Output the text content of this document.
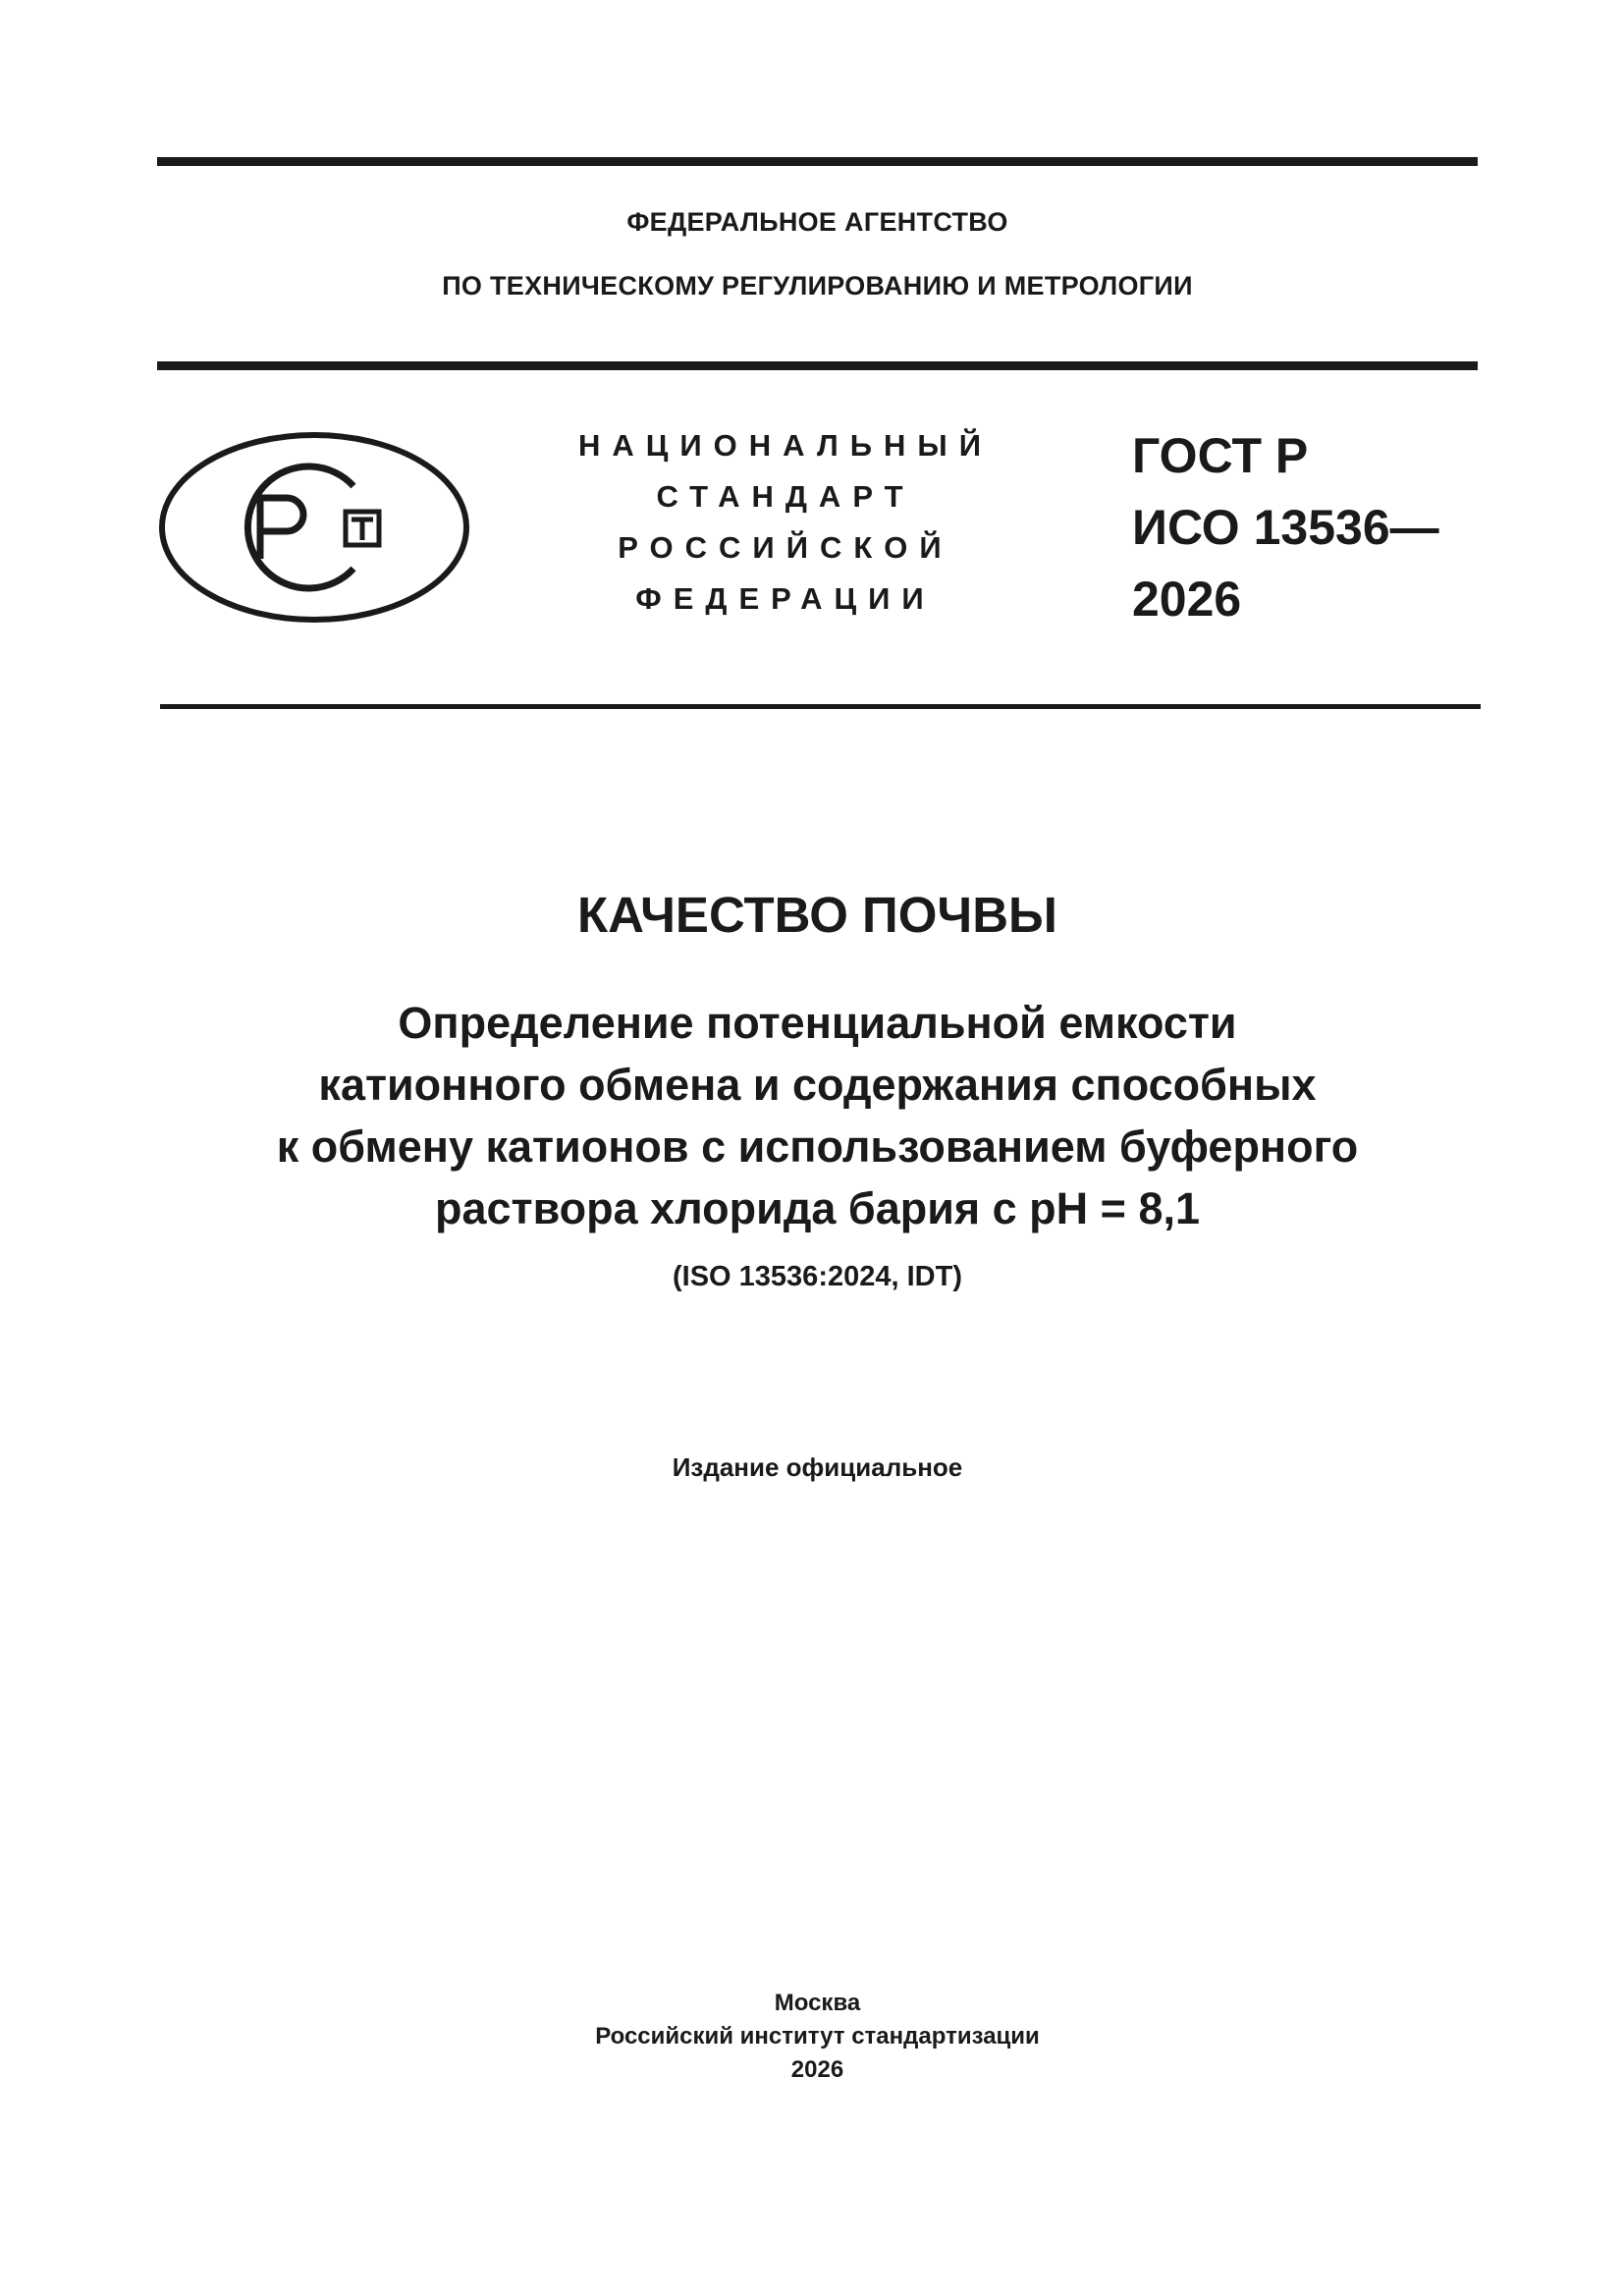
ФЕДЕРАЛЬНОЕ АГЕНТСТВО
ПО ТЕХНИЧЕСКОМУ РЕГУЛИРОВАНИЮ И МЕТРОЛОГИИ
НАЦИОНАЛЬНЫЙ
СТАНДАРТ
РОССИЙСКОЙ
ФЕДЕРАЦИИ
ГОСТ Р
ИСО 13536—
2026
КАЧЕСТВО ПОЧВЫ
Определение потенциальной емкости
катионного обмена и содержания способных
к обмену катионов с использованием буферного
раствора хлорида бария с рН = 8,1
(ISO 13536:2024, IDT)
Издание официальное
Москва
Российский институт стандартизации
2026
